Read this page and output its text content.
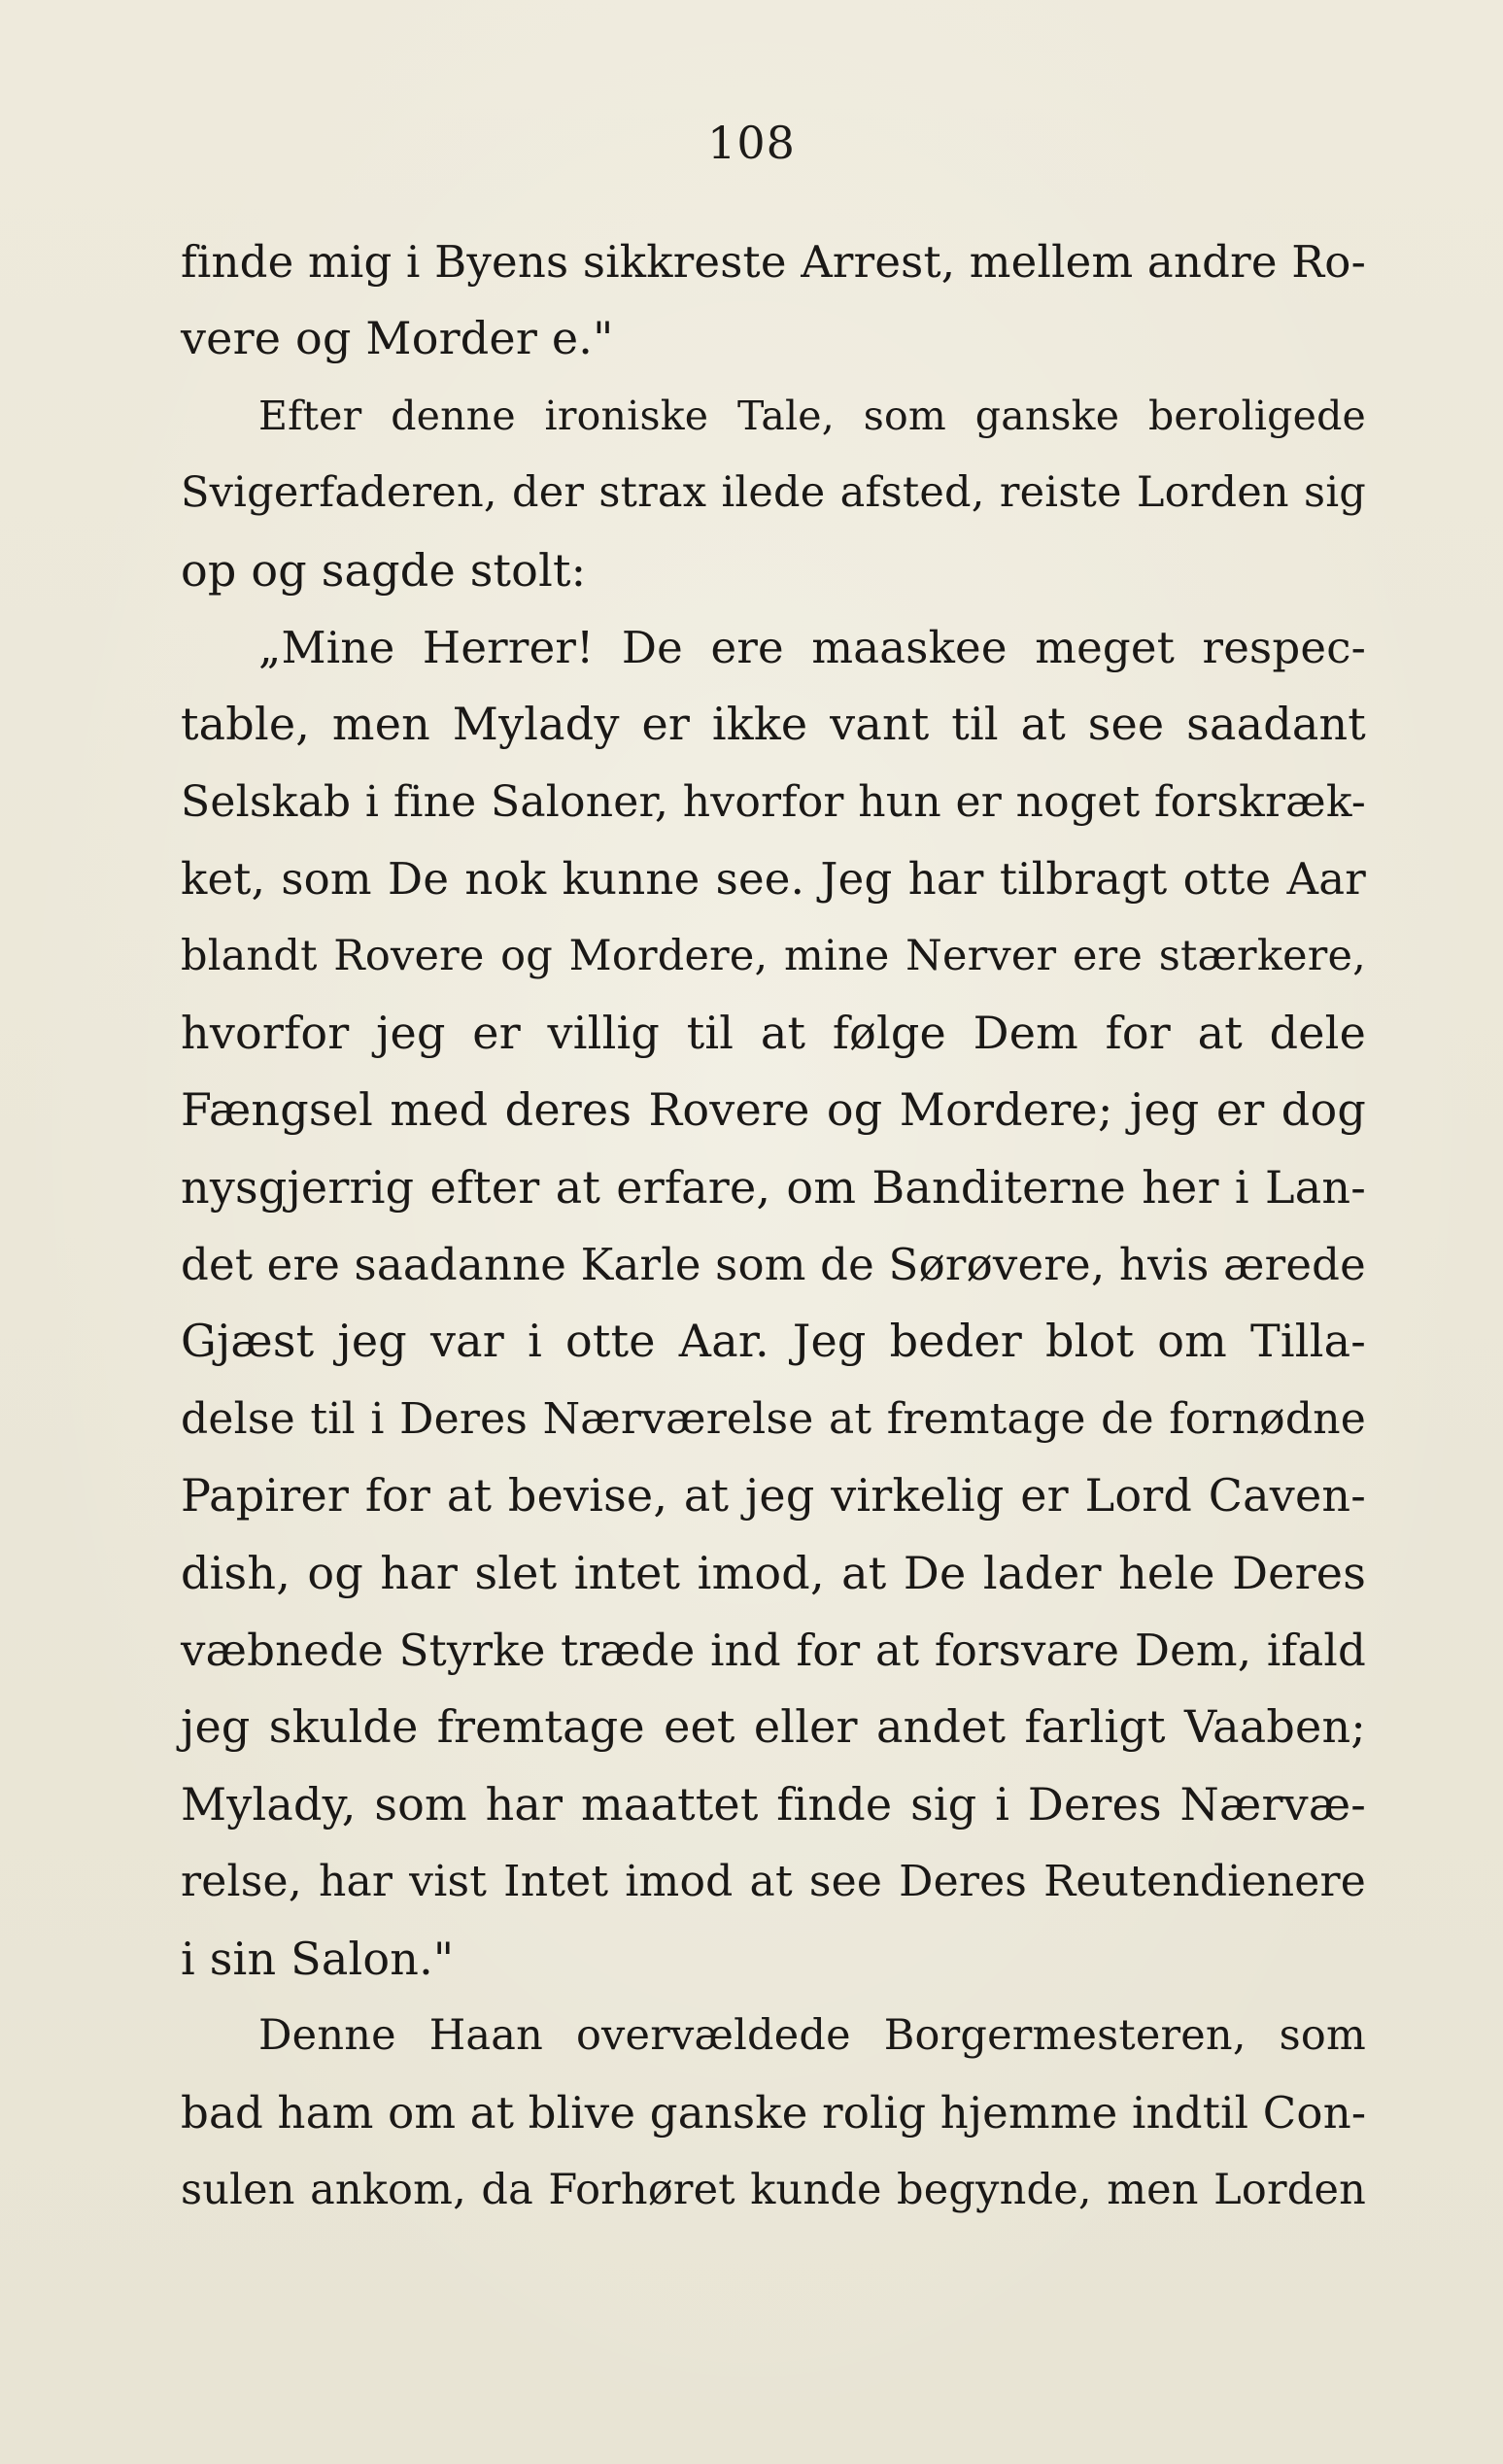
108
finde mig i Byens sikkreste Arrest, mellem andre Ro-
vere og Morder e."
Efter denne ironiske Tale, som ganske beroligede
Svigerfaderen, der strax ilede afsted, reiste Lorden sig
op og sagde stolt:
„Mine Herrer! De ere maaskee meget respec-
table, men Mylady er ikke vant til at see saadant
Selskab i fine Saloner, hvorfor hun er noget forskræk-
ket, som De nok kunne see. Jeg har tilbragt otte Aar
blandt Rovere og Mordere, mine Nerver ere stærkere,
hvorfor jeg er villig til at følge Dem for at dele
Fængsel med deres Rovere og Mordere; jeg er dog
nysgjerrig efter at erfare, om Banditerne her i Lan-
det ere saadanne Karle som de Sørøvere, hvis ærede
Gjæst jeg var i otte Aar. Jeg beder blot om Tilla-
delse til i Deres Nærværelse at fremtage de fornødne
Papirer for at bevise, at jeg virkelig er Lord Caven-
dish, og har slet intet imod, at De lader hele Deres
væbnede Styrke træde ind for at forsvare Dem, ifald
jeg skulde fremtage eet eller andet farligt Vaaben;
Mylady, som har maattet finde sig i Deres Nærvæ-
relse, har vist Intet imod at see Deres Reutendienere
i sin Salon."
Denne Haan overvældede Borgermesteren, som
bad ham om at blive ganske rolig hjemme indtil Con-
sulen ankom, da Forhøret kunde begynde, men Lorden
